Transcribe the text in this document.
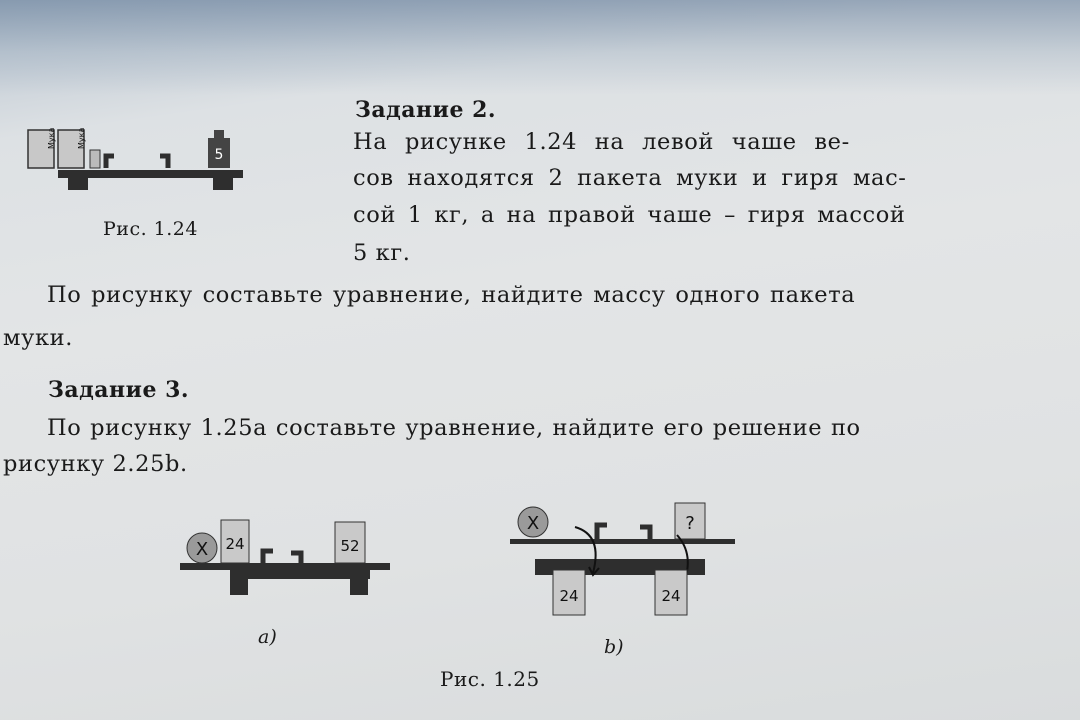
Мука	Мука
5
Рис. 1.24
Задание 2.
На рисунке 1.24 на левой чаше ве-
сов находятся 2 пакета муки и гиря мас-
сой 1 кг, а на правой чаше – гиря массой
5 кг.
По рисунку составьте уравнение, найдите массу одного пакета
муки.
Задание 3.
По рисунку 1.25a составьте уравнение, найдите его решение по
рисунку 2.25b.
X 24	52
a)
X	?
24	24
b)
Рис. 1.25
